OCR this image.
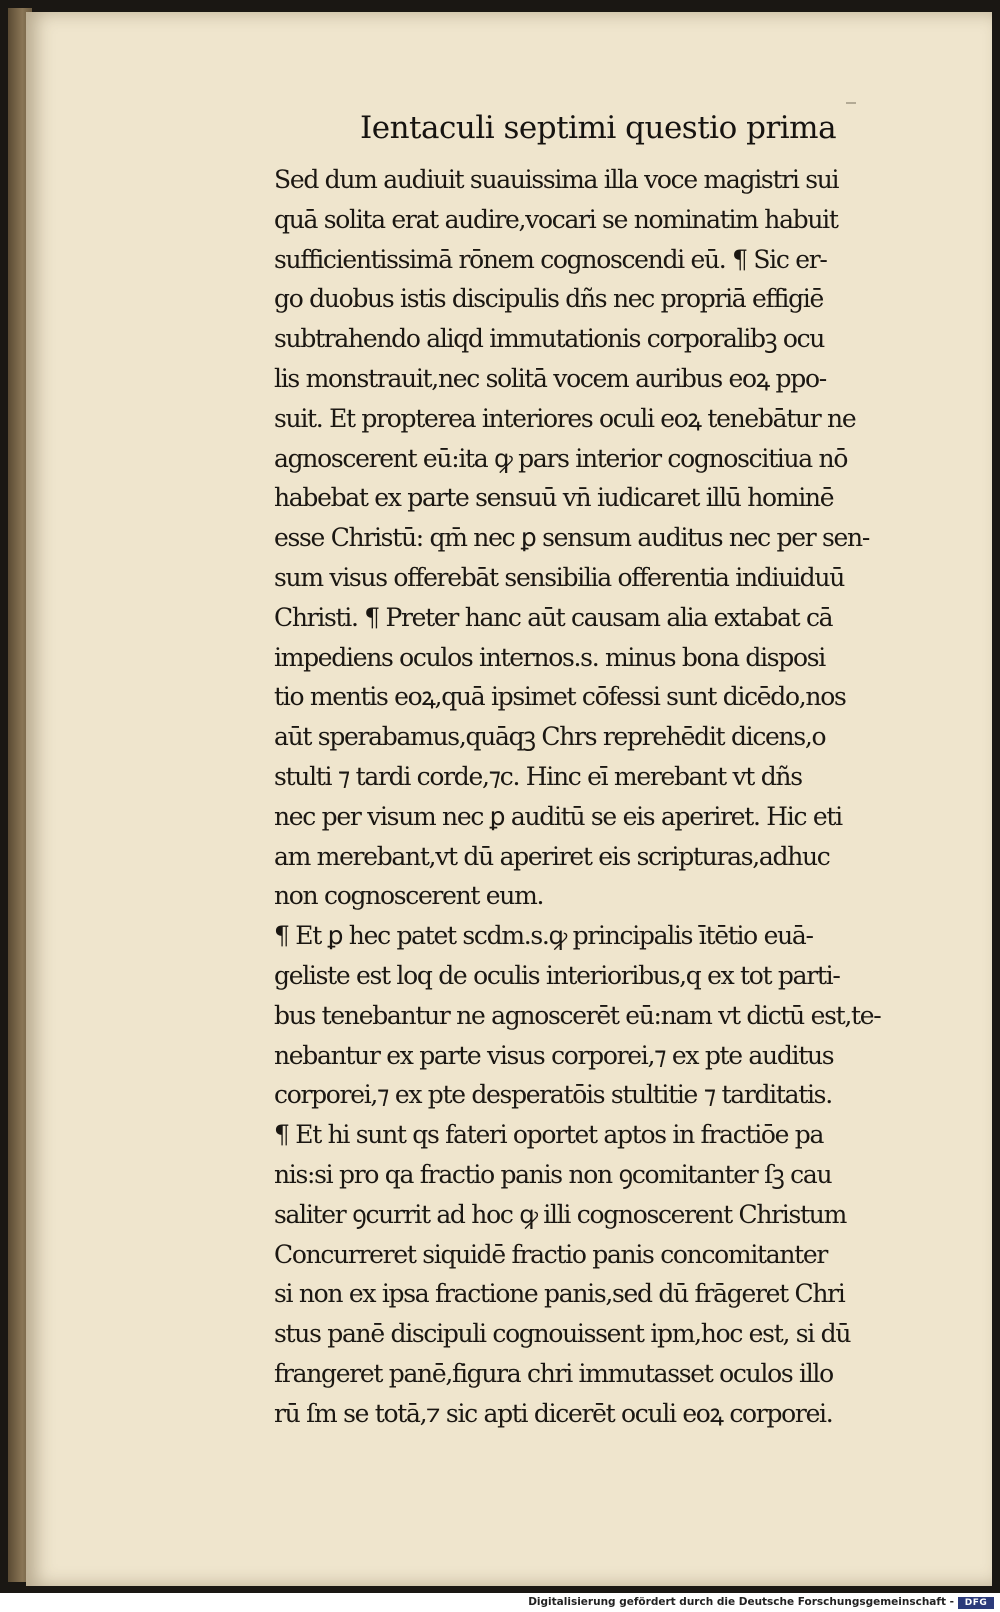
Ientaculi septimi questio prima
Sed dum audiuit suauissima illa voce magistri sui
quā solita erat audire,vocari se nominatim habuit
sufficientissimā rōnem cognoscendi eū. ¶ Sic er-
go duobus istis discipulis dñs nec propriā effigiē
subtrahendo aliqd immutationis corporalibꝫ ocu
lis monstrauit,nec solitā vocem auribus eoꝝ ppo-
suit. Et propterea interiores oculi eoꝝ tenebātur ne
agnoscerent eū:ita ꝙ pars interior cognoscitiua nō
habebat ex parte sensuū vn̄ iudicaret illū hominē
esse Christū: qm̄ nec ꝑ sensum auditus nec per sen-
sum visus offerebāt sensibilia offerentia indiuiduū
Christi. ¶ Preter hanc aūt causam alia extabat cā
impediens oculos internos.s. minus bona disposi
tio mentis eoꝝ,quā ipsimet cōfessi sunt dicēdo,nos
aūt sperabamus,quāqꝫ Chrs reprehēdit dicens,o
stulti ⁊ tardi corde,⁊c. Hinc eī merebant vt dñs
nec per visum nec ꝑ auditū se eis aperiret. Hic eti
am merebant,vt dū aperiret eis scripturas,adhuc
non cognoscerent eum.
¶ Et ꝑ hec patet scdm.s.ꝙ principalis ītētio euā-
geliste est loq de oculis interioribus,q ex tot parti-
bus tenebantur ne agnoscerēt eū:nam vt dictū est,te-
nebantur ex parte visus corporei,⁊ ex pte auditus
corporei,⁊ ex pte desperatōis stultitie ⁊ tarditatis.
¶ Et hi sunt qs fateri oportet aptos in fractiōe pa
nis:si pro qa fractio panis non ꝯcomitanter ſꝫ cau
saliter ꝯcurrit ad hoc ꝙ illi cognoscerent Christum
Concurreret siquidē fractio panis concomitanter
si non ex ipsa fractione panis,sed dū frāgeret Chri
stus panē discipuli cognouissent ipm,hoc est, si dū
frangeret panē,figura chri immutasset oculos illo
rū ſm se totā,⁊ sic apti dicerēt oculi eoꝝ corporei.
Digitalisierung gefördert durch die Deutsche Forschungsgemeinschaft -	DFG
